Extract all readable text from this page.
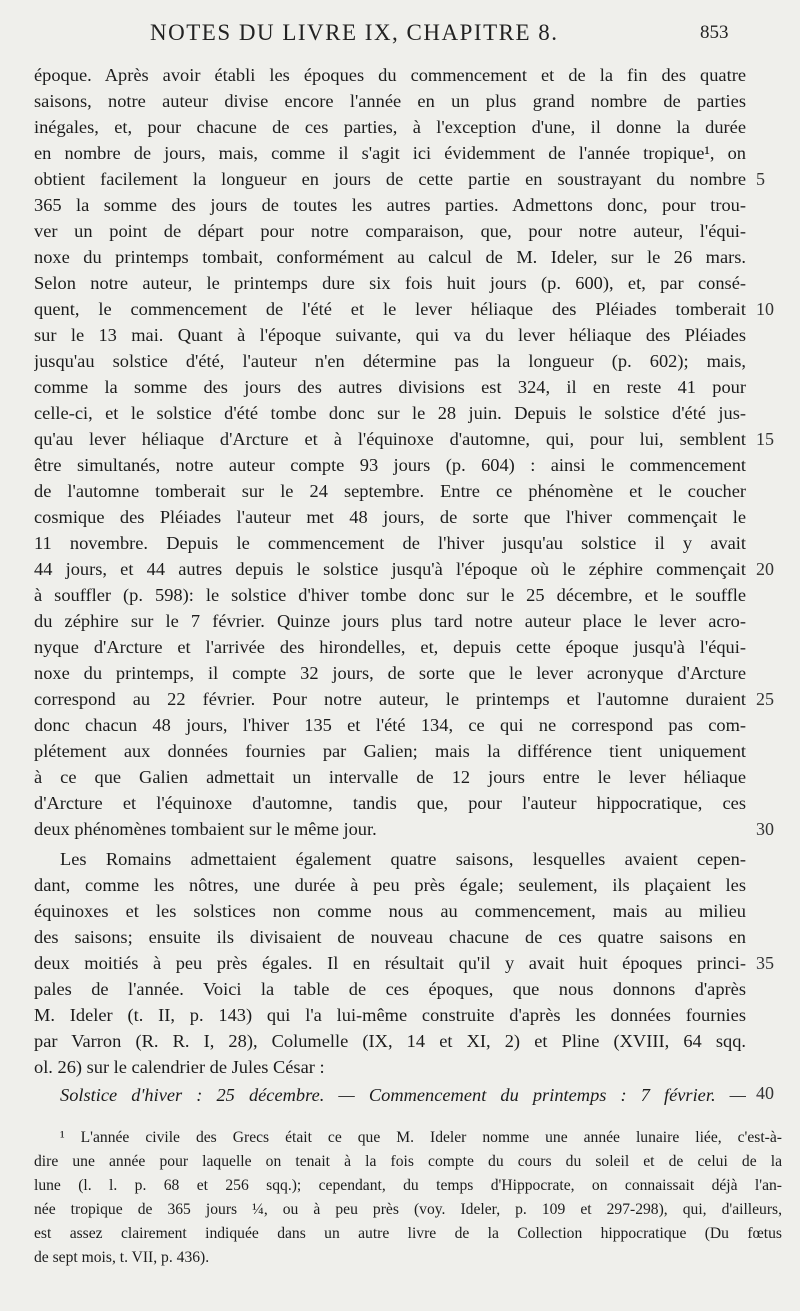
NOTES DU LIVRE IX, CHAPITRE 8.	853
époque. Après avoir établi les époques du commencement et de la fin des quatre
saisons, notre auteur divise encore l'année en un plus grand nombre de parties
inégales, et, pour chacune de ces parties, à l'exception d'une, il donne la durée
en nombre de jours, mais, comme il s'agit ici évidemment de l'année tropique¹, on
obtient facilement la longueur en jours de cette partie en soustrayant du nombre
365 la somme des jours de toutes les autres parties. Admettons donc, pour trou-
ver un point de départ pour notre comparaison, que, pour notre auteur, l'équi-
noxe du printemps tombait, conformément au calcul de M. Ideler, sur le 26 mars.
Selon notre auteur, le printemps dure six fois huit jours (p. 600), et, par consé-
quent, le commencement de l'été et le lever héliaque des Pléiades tomberait
sur le 13 mai. Quant à l'époque suivante, qui va du lever héliaque des Pléiades
jusqu'au solstice d'été, l'auteur n'en détermine pas la longueur (p. 602); mais,
comme la somme des jours des autres divisions est 324, il en reste 41 pour
celle-ci, et le solstice d'été tombe donc sur le 28 juin. Depuis le solstice d'été jus-
qu'au lever héliaque d'Arcture et à l'équinoxe d'automne, qui, pour lui, semblent
être simultanés, notre auteur compte 93 jours (p. 604) : ainsi le commencement
de l'automne tomberait sur le 24 septembre. Entre ce phénomène et le coucher
cosmique des Pléiades l'auteur met 48 jours, de sorte que l'hiver commençait le
11 novembre. Depuis le commencement de l'hiver jusqu'au solstice il y avait
44 jours, et 44 autres depuis le solstice jusqu'à l'époque où le zéphire commençait
à souffler (p. 598): le solstice d'hiver tombe donc sur le 25 décembre, et le souffle
du zéphire sur le 7 février. Quinze jours plus tard notre auteur place le lever acro-
nyque d'Arcture et l'arrivée des hirondelles, et, depuis cette époque jusqu'à l'équi-
noxe du printemps, il compte 32 jours, de sorte que le lever acronyque d'Arcture
correspond au 22 février. Pour notre auteur, le printemps et l'automne duraient
donc chacun 48 jours, l'hiver 135 et l'été 134, ce qui ne correspond pas com-
plétement aux données fournies par Galien; mais la différence tient uniquement
à ce que Galien admettait un intervalle de 12 jours entre le lever héliaque
d'Arcture et l'équinoxe d'automne, tandis que, pour l'auteur hippocratique, ces
deux phénomènes tombaient sur le même jour.
Les Romains admettaient également quatre saisons, lesquelles avaient cepen-
dant, comme les nôtres, une durée à peu près égale; seulement, ils plaçaient les
équinoxes et les solstices non comme nous au commencement, mais au milieu
des saisons; ensuite ils divisaient de nouveau chacune de ces quatre saisons en
deux moitiés à peu près égales. Il en résultait qu'il y avait huit époques princi-
pales de l'année. Voici la table de ces époques, que nous donnons d'après
M. Ideler (t. II, p. 143) qui l'a lui-même construite d'après les données fournies
par Varron (R. R. I, 28), Columelle (IX, 14 et XI, 2) et Pline (XVIII, 64 sqq.
ol. 26) sur le calendrier de Jules César :
Solstice d'hiver : 25 décembre. — Commencement du printemps : 7 février. —
5
10
15
20
25
30
35
40
¹ L'année civile des Grecs était ce que M. Ideler nomme une année lunaire liée, c'est-à-
dire une année pour laquelle on tenait à la fois compte du cours du soleil et de celui de la
lune (l. l. p. 68 et 256 sqq.); cependant, du temps d'Hippocrate, on connaissait déjà l'an-
née tropique de 365 jours ¼, ou à peu près (voy. Ideler, p. 109 et 297-298), qui, d'ailleurs,
est assez clairement indiquée dans un autre livre de la Collection hippocratique (Du fœtus
de sept mois, t. VII, p. 436).
